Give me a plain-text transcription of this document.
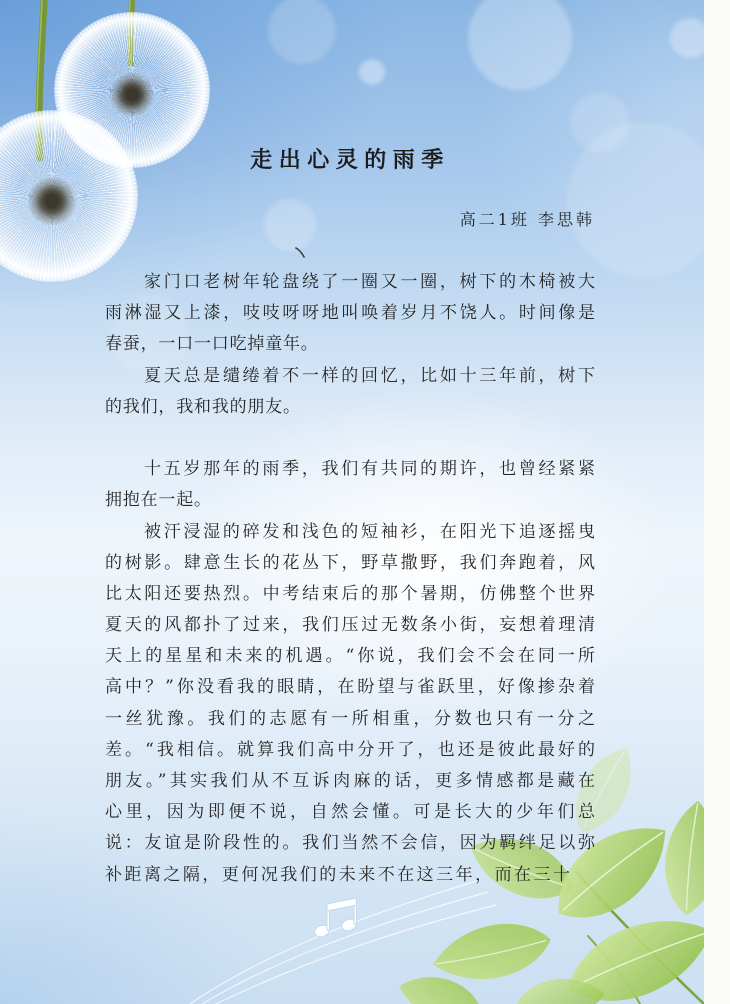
走出心灵的雨季
高二1班 李思韩
家门口老树年轮盘绕了一圈又一圈，树下的木椅被大
雨淋湿又上漆，吱吱呀呀地叫唤着岁月不饶人。时间像是
春蚕，一口一口吃掉童年。
夏天总是缱绻着不一样的回忆，比如十三年前，树下
的我们，我和我的朋友。
十五岁那年的雨季，我们有共同的期许，也曾经紧紧
拥抱在一起。
被汗浸湿的碎发和浅色的短袖衫，在阳光下追逐摇曳
的树影。肆意生长的花丛下，野草撒野，我们奔跑着，风
比太阳还要热烈。中考结束后的那个暑期，仿佛整个世界
夏天的风都扑了过来，我们压过无数条小街，妄想着理清
天上的星星和未来的机遇。“你说，我们会不会在同一所
高中？”你没看我的眼睛，在盼望与雀跃里，好像掺杂着
一丝犹豫。我们的志愿有一所相重，分数也只有一分之
差。“我相信。就算我们高中分开了，也还是彼此最好的
朋友。”其实我们从不互诉肉麻的话，更多情感都是藏在
心里，因为即便不说，自然会懂。可是长大的少年们总
说：友谊是阶段性的。我们当然不会信，因为羁绊足以弥
补距离之隔，更何况我们的未来不在这三年，而在三十
